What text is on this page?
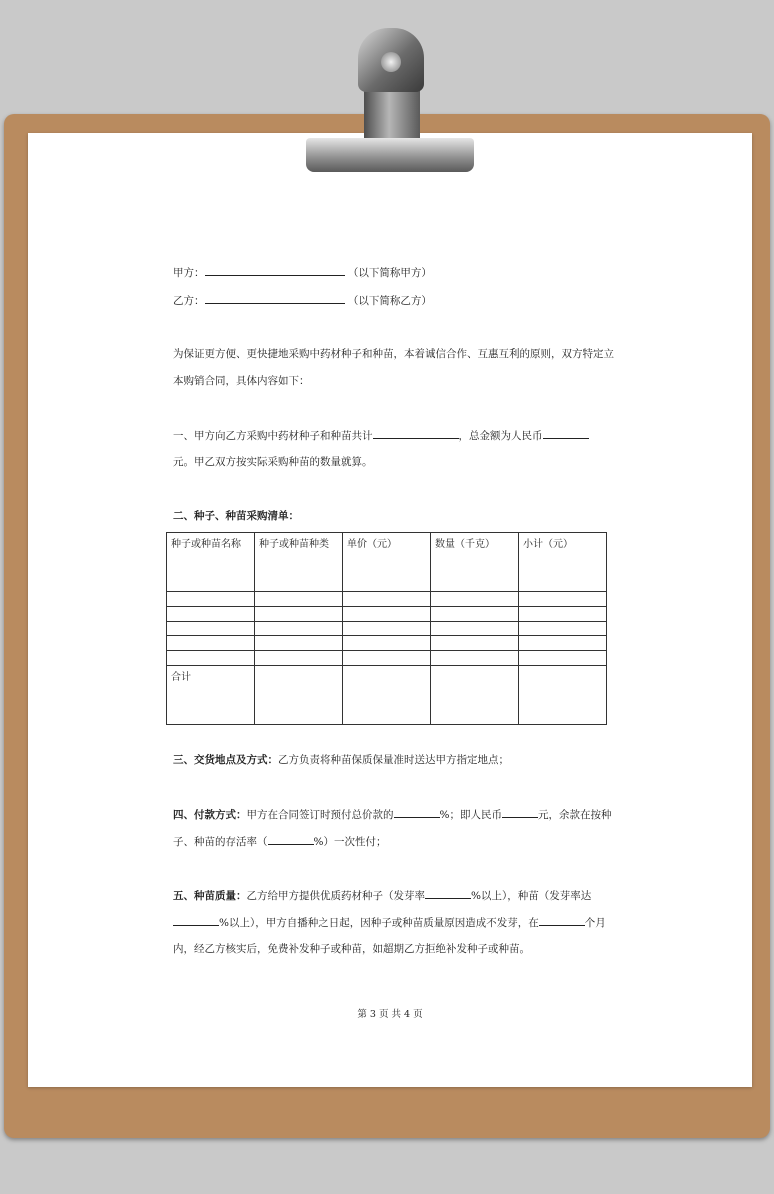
甲方：	（以下简称甲方）
乙方：	（以下简称乙方）
为保证更方便、更快捷地采购中药材种子和种苗，本着诚信合作、互惠互利的原则，双方特定立
本购销合同，具体内容如下：
一、甲方向乙方采购中药材种子和种苗共计	，总金额为人民币
元。甲乙双方按实际采购种苗的数量就算。
二、种子、种苗采购清单：
种子或种苗名称	种子或种苗种类	单价（元）	数量（千克）	小计（元）

合计				
三、交货地点及方式：乙方负责将种苗保质保量准时送达甲方指定地点；
四、付款方式：甲方在合同签订时预付总价款的	%；即人民币	元，余款在按种
子、种苗的存活率（	%）一次性付；
五、种苗质量：乙方给甲方提供优质药材种子（发芽率	%以上），种苗（发芽率达
%以上），甲方自播种之日起，因种子或种苗质量原因造成不发芽，在	个月
内，经乙方核实后，免费补发种子或种苗，如超期乙方拒绝补发种子或种苗。
第 3 页 共 4 页
